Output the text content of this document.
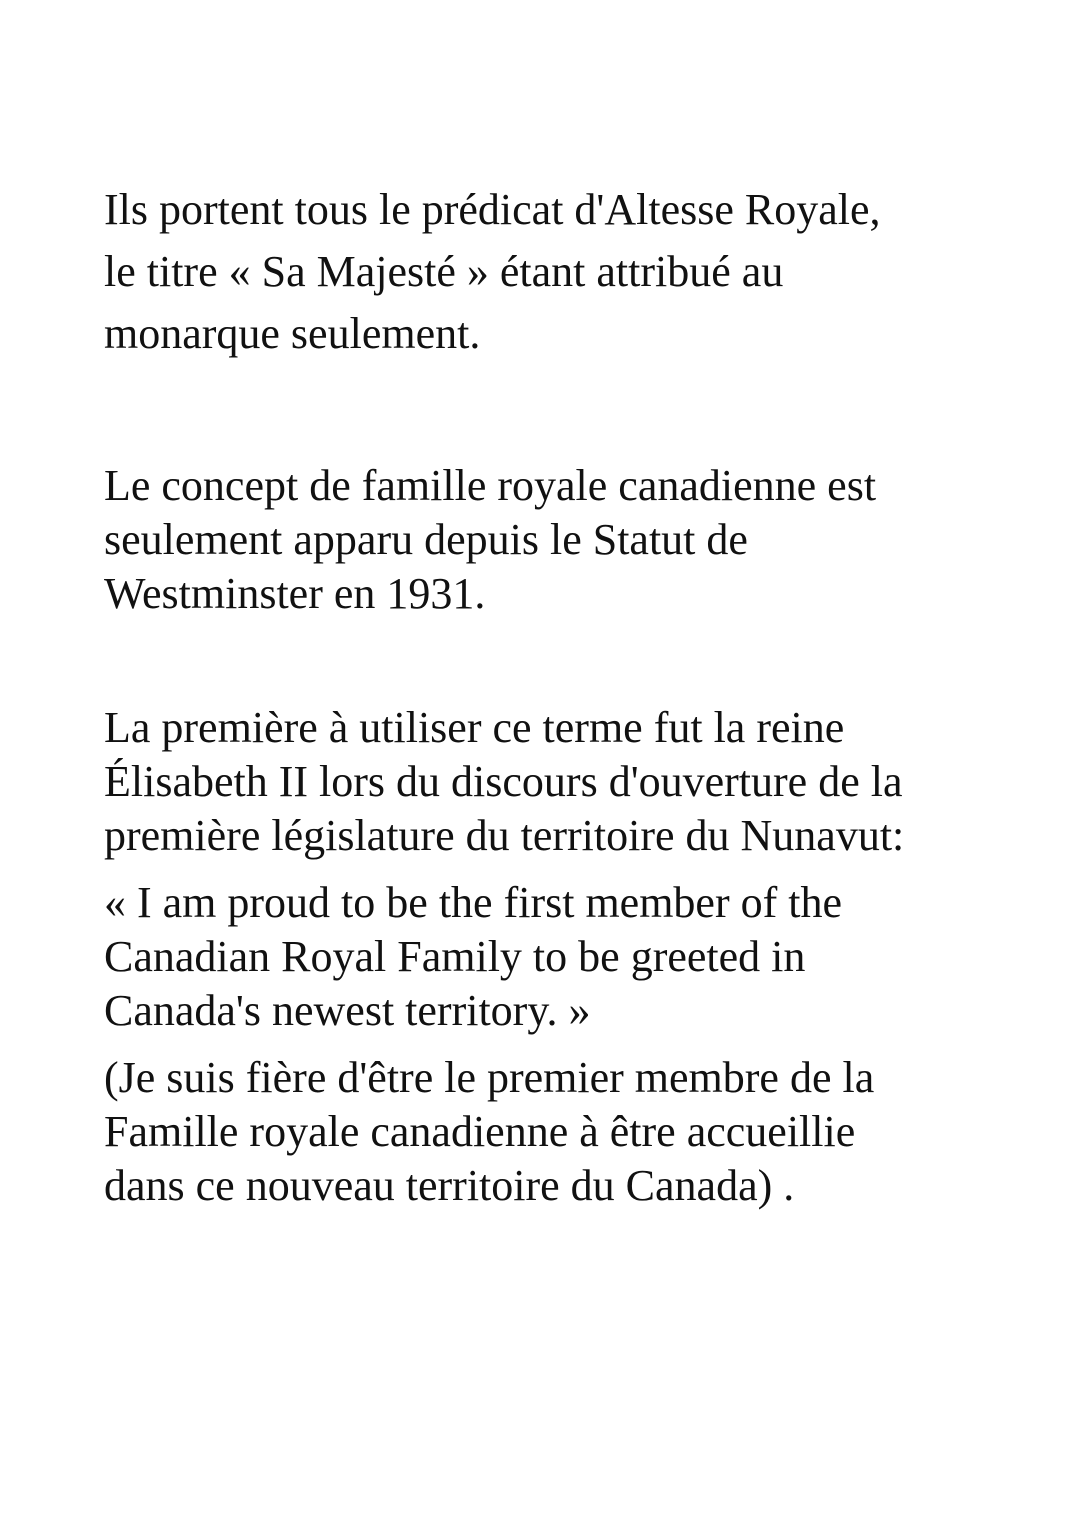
Ils portent tous le prédicat d'Altesse Royale,
le titre « Sa Majesté » étant attribué au
monarque seulement.
Le concept de famille royale canadienne est
seulement apparu depuis le Statut de
Westminster en 1931.
La première à utiliser ce terme fut la reine
Élisabeth II lors du discours d'ouverture de la
première législature du territoire du Nunavut:
« I am proud to be the first member of the
Canadian Royal Family to be greeted in
Canada's newest territory. »
(Je suis fière d'être le premier membre de la
Famille royale canadienne à être accueillie
dans ce nouveau territoire du Canada) .
